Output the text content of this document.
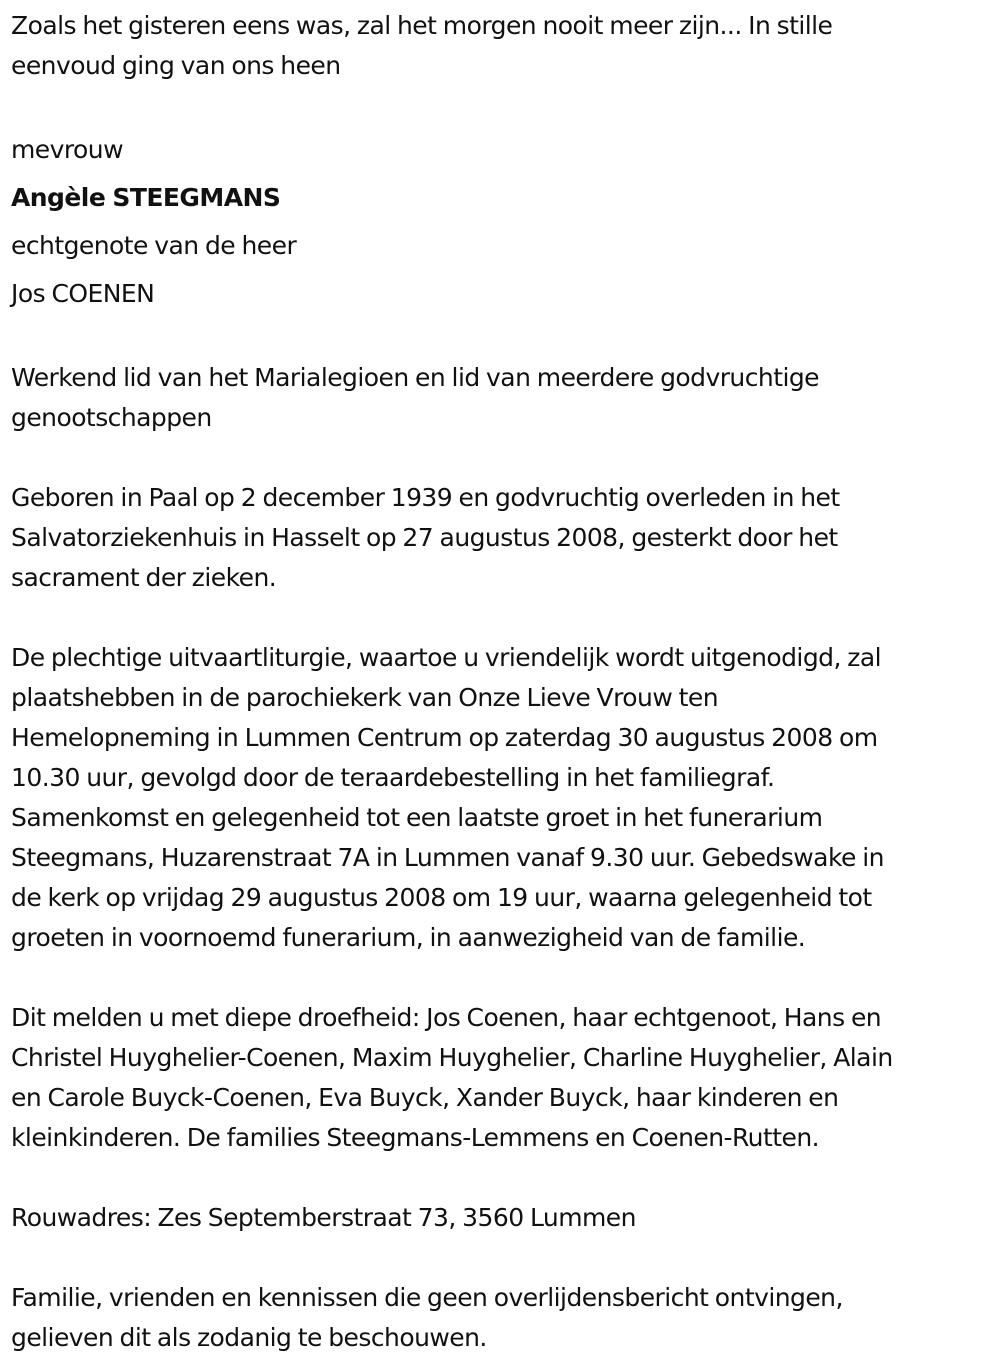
Zoals het gisteren eens was, zal het morgen nooit meer zijn... In stille
eenvoud ging van ons heen
mevrouw
Angèle STEEGMANS
echtgenote van de heer
Jos COENEN
Werkend lid van het Marialegioen en lid van meerdere godvruchtige
genootschappen
Geboren in Paal op 2 december 1939 en godvruchtig overleden in het
Salvatorziekenhuis in Hasselt op 27 augustus 2008, gesterkt door het
sacrament der zieken.
De plechtige uitvaartliturgie, waartoe u vriendelijk wordt uitgenodigd, zal
plaatshebben in de parochiekerk van Onze Lieve Vrouw ten
Hemelopneming in Lummen Centrum op zaterdag 30 augustus 2008 om
10.30 uur, gevolgd door de teraardebestelling in het familiegraf.
Samenkomst en gelegenheid tot een laatste groet in het funerarium
Steegmans, Huzarenstraat 7A in Lummen vanaf 9.30 uur. Gebedswake in
de kerk op vrijdag 29 augustus 2008 om 19 uur, waarna gelegenheid tot
groeten in voornoemd funerarium, in aanwezigheid van de familie.
Dit melden u met diepe droefheid: Jos Coenen, haar echtgenoot, Hans en
Christel Huyghelier-Coenen, Maxim Huyghelier, Charline Huyghelier, Alain
en Carole Buyck-Coenen, Eva Buyck, Xander Buyck, haar kinderen en
kleinkinderen. De families Steegmans-Lemmens en Coenen-Rutten.
Rouwadres: Zes Septemberstraat 73, 3560 Lummen
Familie, vrienden en kennissen die geen overlijdensbericht ontvingen,
gelieven dit als zodanig te beschouwen.
